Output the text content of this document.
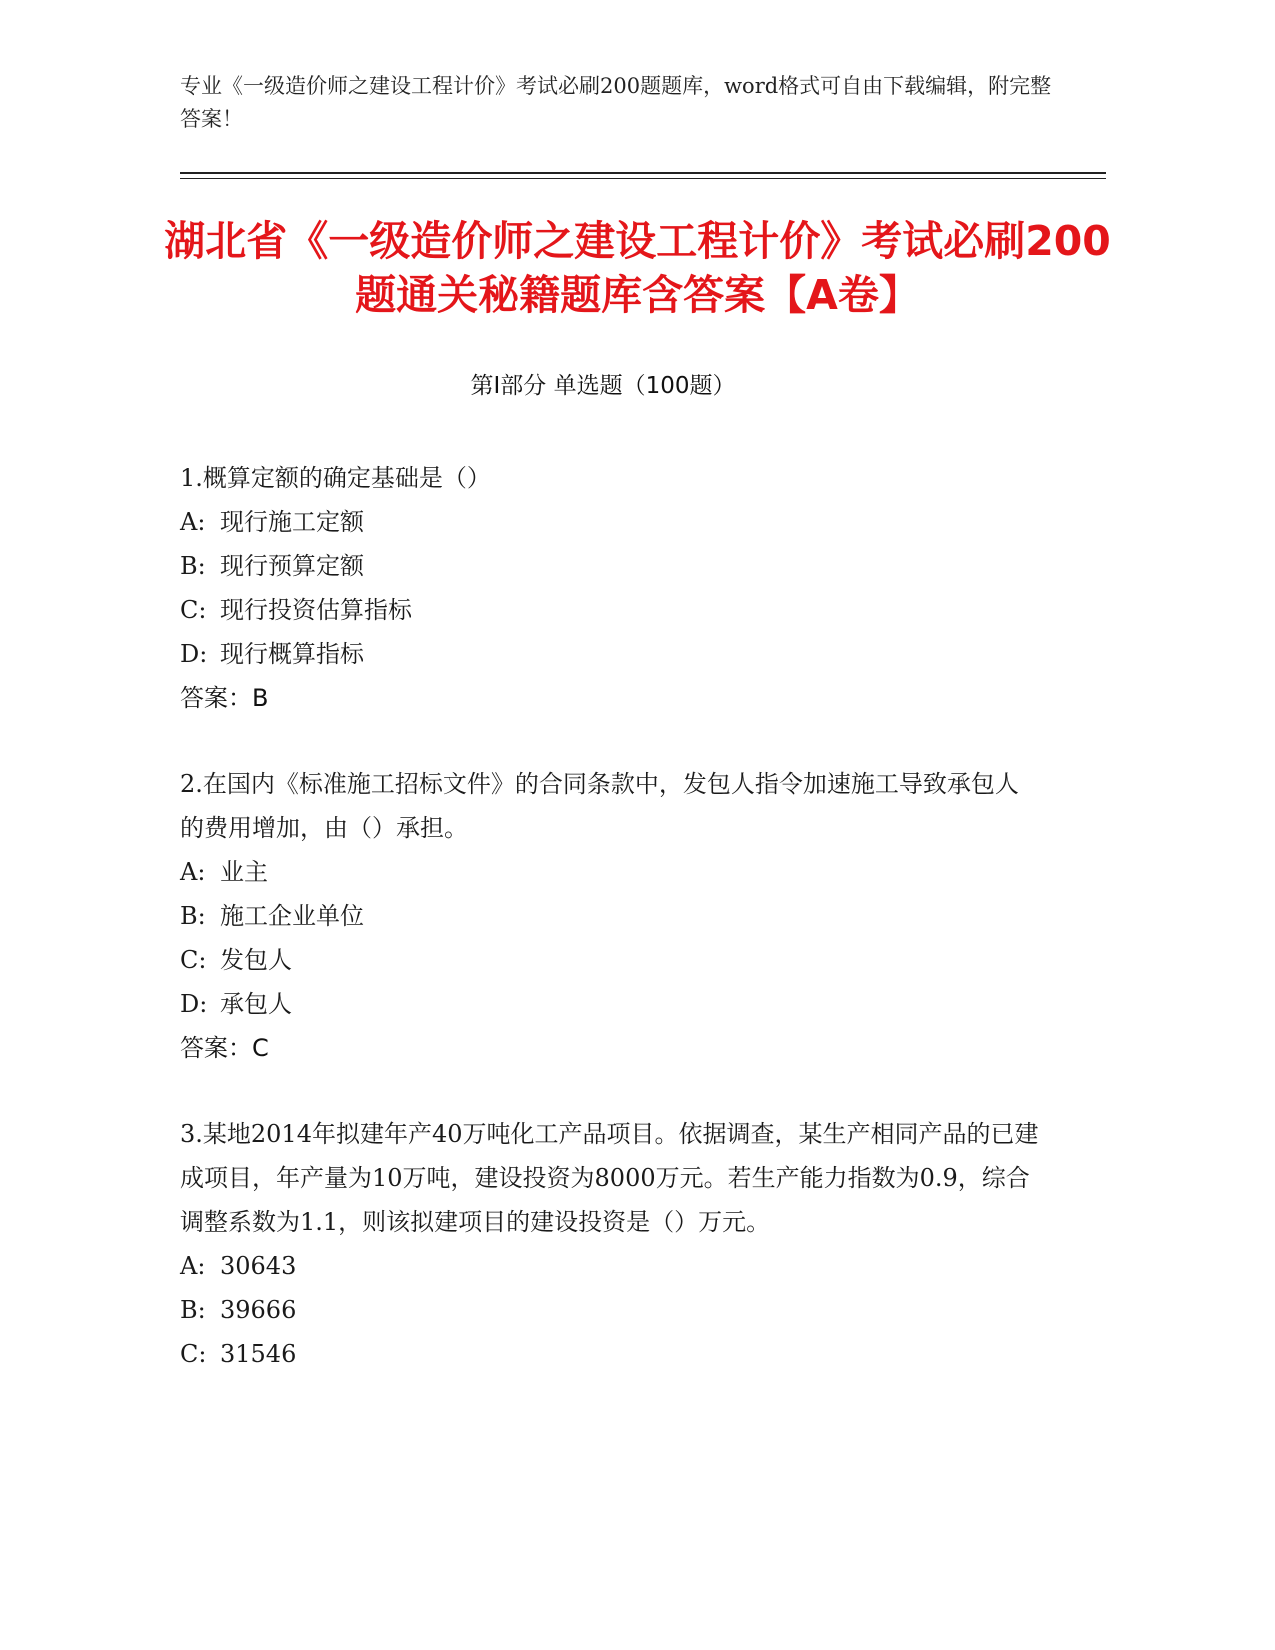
专业《一级造价师之建设工程计价》考试必刷200题题库，word格式可自由下载编辑，附完整答案！
湖北省《一级造价师之建设工程计价》考试必刷200题通关秘籍题库含答案【A卷】
第I部分 单选题（100题）

1.概算定额的确定基础是（）

A: 现行施工定额

B: 现行预算定额

C: 现行投资估算指标

D: 现行概算指标

答案：B

2.在国内《标准施工招标文件》的合同条款中，发包人指令加速施工导致承包人的费用增加，由（）承担。

A: 业主

B: 施工企业单位

C: 发包人

D: 承包人

答案：C

3.某地2014年拟建年产40万吨化工产品项目。依据调查，某生产相同产品的已建成项目，年产量为10万吨，建设投资为8000万元。若生产能力指数为0.9，综合调整系数为1.1，则该拟建项目的建设投资是（）万元。

A: 30643

B: 39666

C: 31546
